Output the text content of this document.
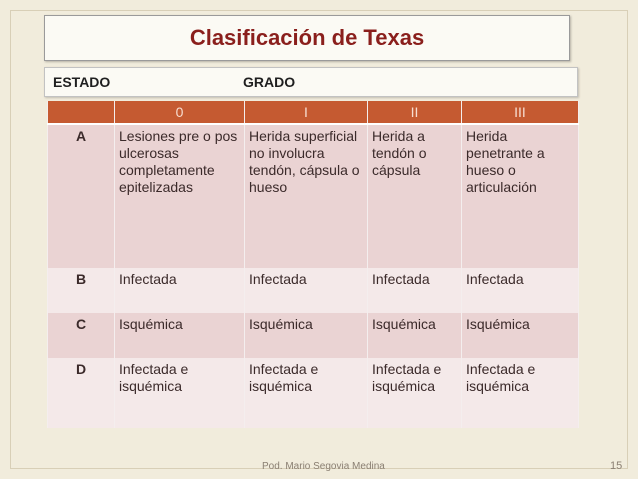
Clasificación de Texas
ESTADO	GRADO
	0	I	II	III
A	Lesiones pre o pos ulcerosas completamente epitelizadas	Herida superficial no involucra tendón, cápsula o hueso	Herida a tendón o cápsula	Herida penetrante a hueso o articulación
B	Infectada	Infectada	Infectada	Infectada
C	Isquémica	Isquémica	Isquémica	Isquémica
D	Infectada e isquémica	Infectada e isquémica	Infectada e isquémica	Infectada e isquémica
Pod. Mario Segovia Medina	15
